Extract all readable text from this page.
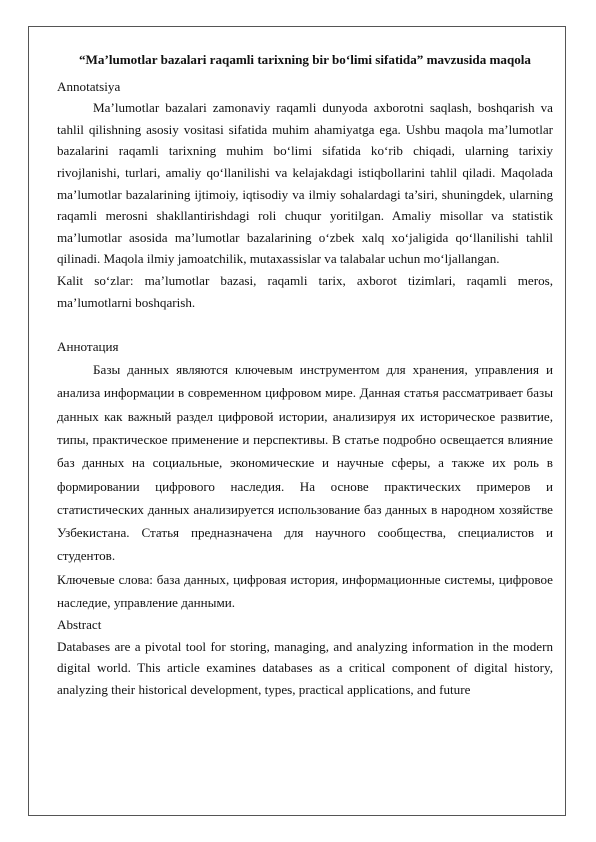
“Ma’lumotlar bazalari raqamli tarixning bir bo‘limi sifatida” mavzusida maqola

Annotatsiya

Ma’lumotlar bazalari zamonaviy raqamli dunyoda axborotni saqlash, boshqarish va tahlil qilishning asosiy vositasi sifatida muhim ahamiyatga ega. Ushbu maqola ma’lumotlar bazalarini raqamli tarixning muhim bo‘limi sifatida ko‘rib chiqadi, ularning tarixiy rivojlanishi, turlari, amaliy qo‘llanilishi va kelajakdagi istiqbollarini tahlil qiladi. Maqolada ma’lumotlar bazalarining ijtimoiy, iqtisodiy va ilmiy sohalardagi ta’siri, shuningdek, ularning raqamli merosni shakllantirishdagi roli chuqur yoritilgan. Amaliy misollar va statistik ma’lumotlar asosida ma’lumotlar bazalarining o‘zbek xalq xo‘jaligida qo‘llanilishi tahlil qilinadi. Maqola ilmiy jamoatchilik, mutaxassislar va talabalar uchun mo‘ljallangan.

Kalit so‘zlar: ma’lumotlar bazasi, raqamli tarix, axborot tizimlari, raqamli meros, ma’lumotlarni boshqarish.

Аннотация

Базы данных являются ключевым инструментом для хранения, управления и анализа информации в современном цифровом мире. Данная статья рассматривает базы данных как важный раздел цифровой истории, анализируя их историческое развитие, типы, практическое применение и перспективы. В статье подробно освещается влияние баз данных на социальные, экономические и научные сферы, а также их роль в формировании цифрового наследия. На основе практических примеров и статистических данных анализируется использование баз данных в народном хозяйстве Узбекистана. Статья предназначена для научного сообщества, специалистов и студентов.

Ключевые слова: база данных, цифровая история, информационные системы, цифровое наследие, управление данными.

Abstract

Databases are a pivotal tool for storing, managing, and analyzing information in the modern digital world. This article examines databases as a critical component of digital history, analyzing their historical development, types, practical applications, and future
